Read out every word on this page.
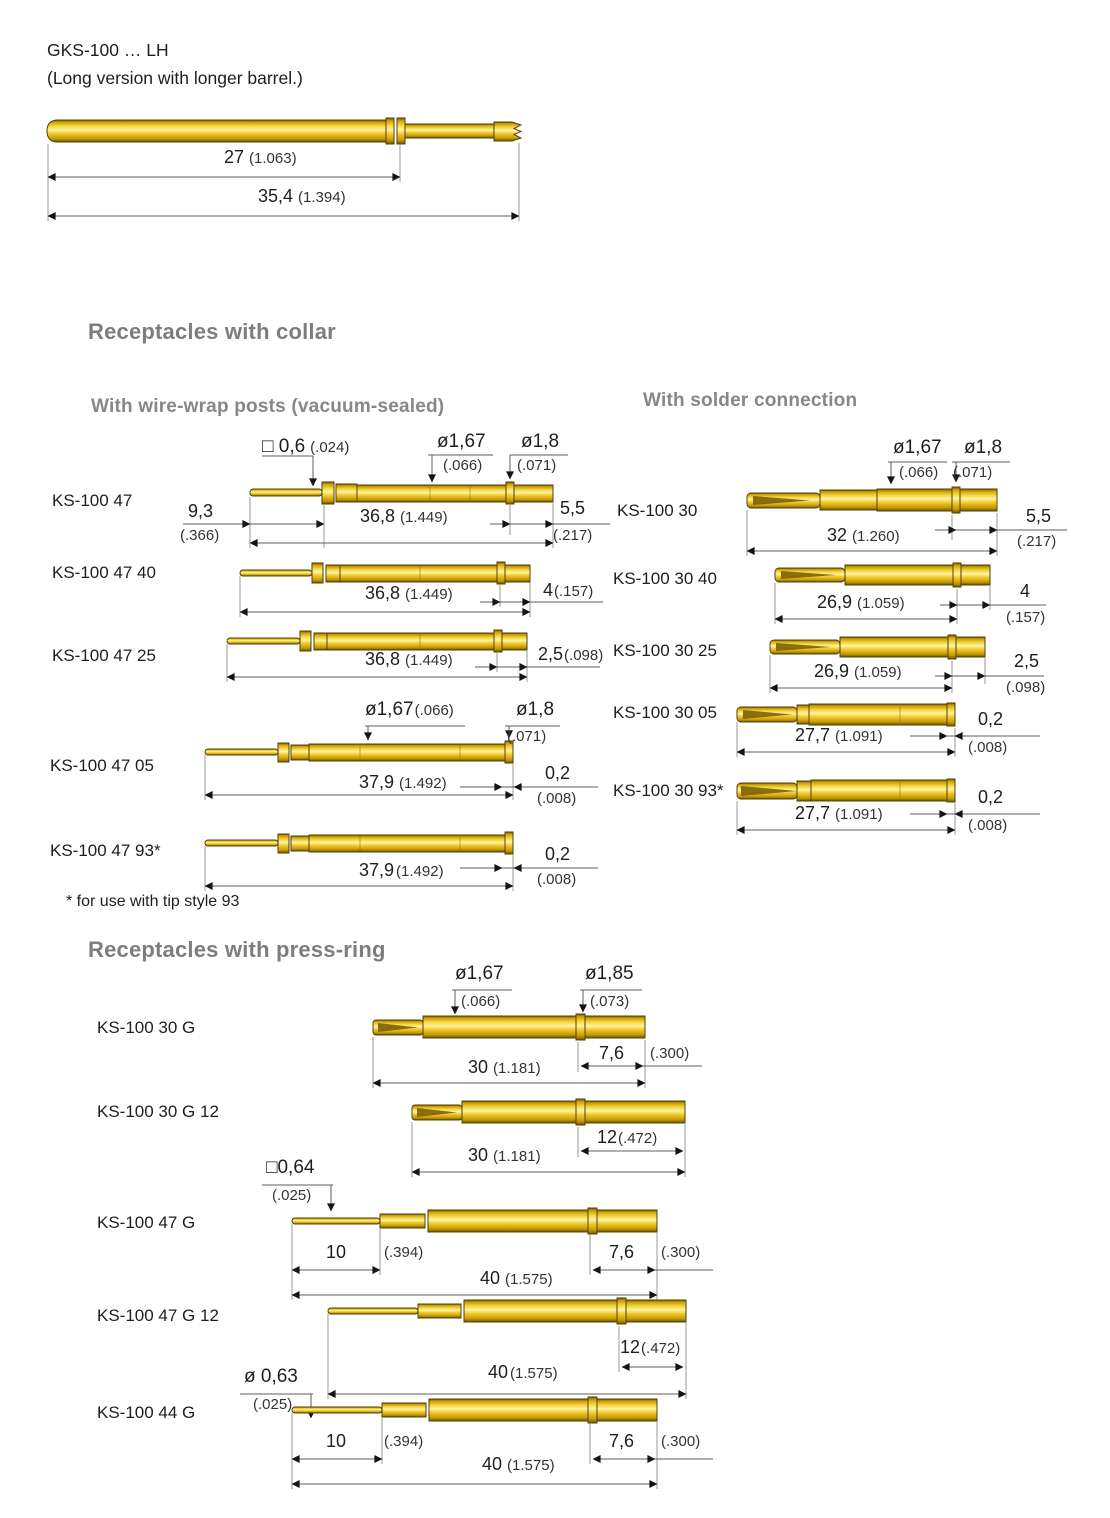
GKS-100 … LH
(Long version with longer barrel.)
27 (1.063)
35,4 (1.394)
Receptacles with collar
With wire-wrap posts (vacuum-sealed)	With solder connection
KS-100 47
□ 0,6 (.024)	ø1,67
(.066)
ø1,8
(.071)
9,3
(.366)
36,8 (1.449)	5,5
(.217)
KS-100 47 40
36,8 (1.449)	4(.157)
KS-100 47 25	36,8 (1.449)	2,5(.098)
KS-100 47 05
ø1,67(.066)	ø1,8
(.071)
37,9 (1.492)
0,2
(.008)
KS-100 47 93*
37,9 (1.492)
0,2
(.008)
* for use with tip style 93
KS-100 30
ø1,67
(.066)
ø1,8
(.071)
32 (1.260)
5,5
(.217)
KS-100 30 40
26,9 (1.059)
4
(.157)
KS-100 30 25
26,9 (1.059)
2,5
(.098)
KS-100 30 05
27,7 (1.091)
0,2
(.008)
KS-100 30 93*
27,7 (1.091)
0,2
(.008)
Receptacles with press-ring
KS-100 30 G
ø1,67
(.066)
ø1,85
(.073)
7,6 (.300)
30 (1.181)
KS-100 30 G 12
12(.472)
30 (1.181)
KS-100 47 G
□0,64
(.025)
10	(.394)	7,6 (.300)
40 (1.575)
KS-100 47 G 12
12(.472)
40 (1.575)
KS-100 44 G
ø 0,63
(.025)
10	(.394)	7,6 (.300)
40 (1.575)
